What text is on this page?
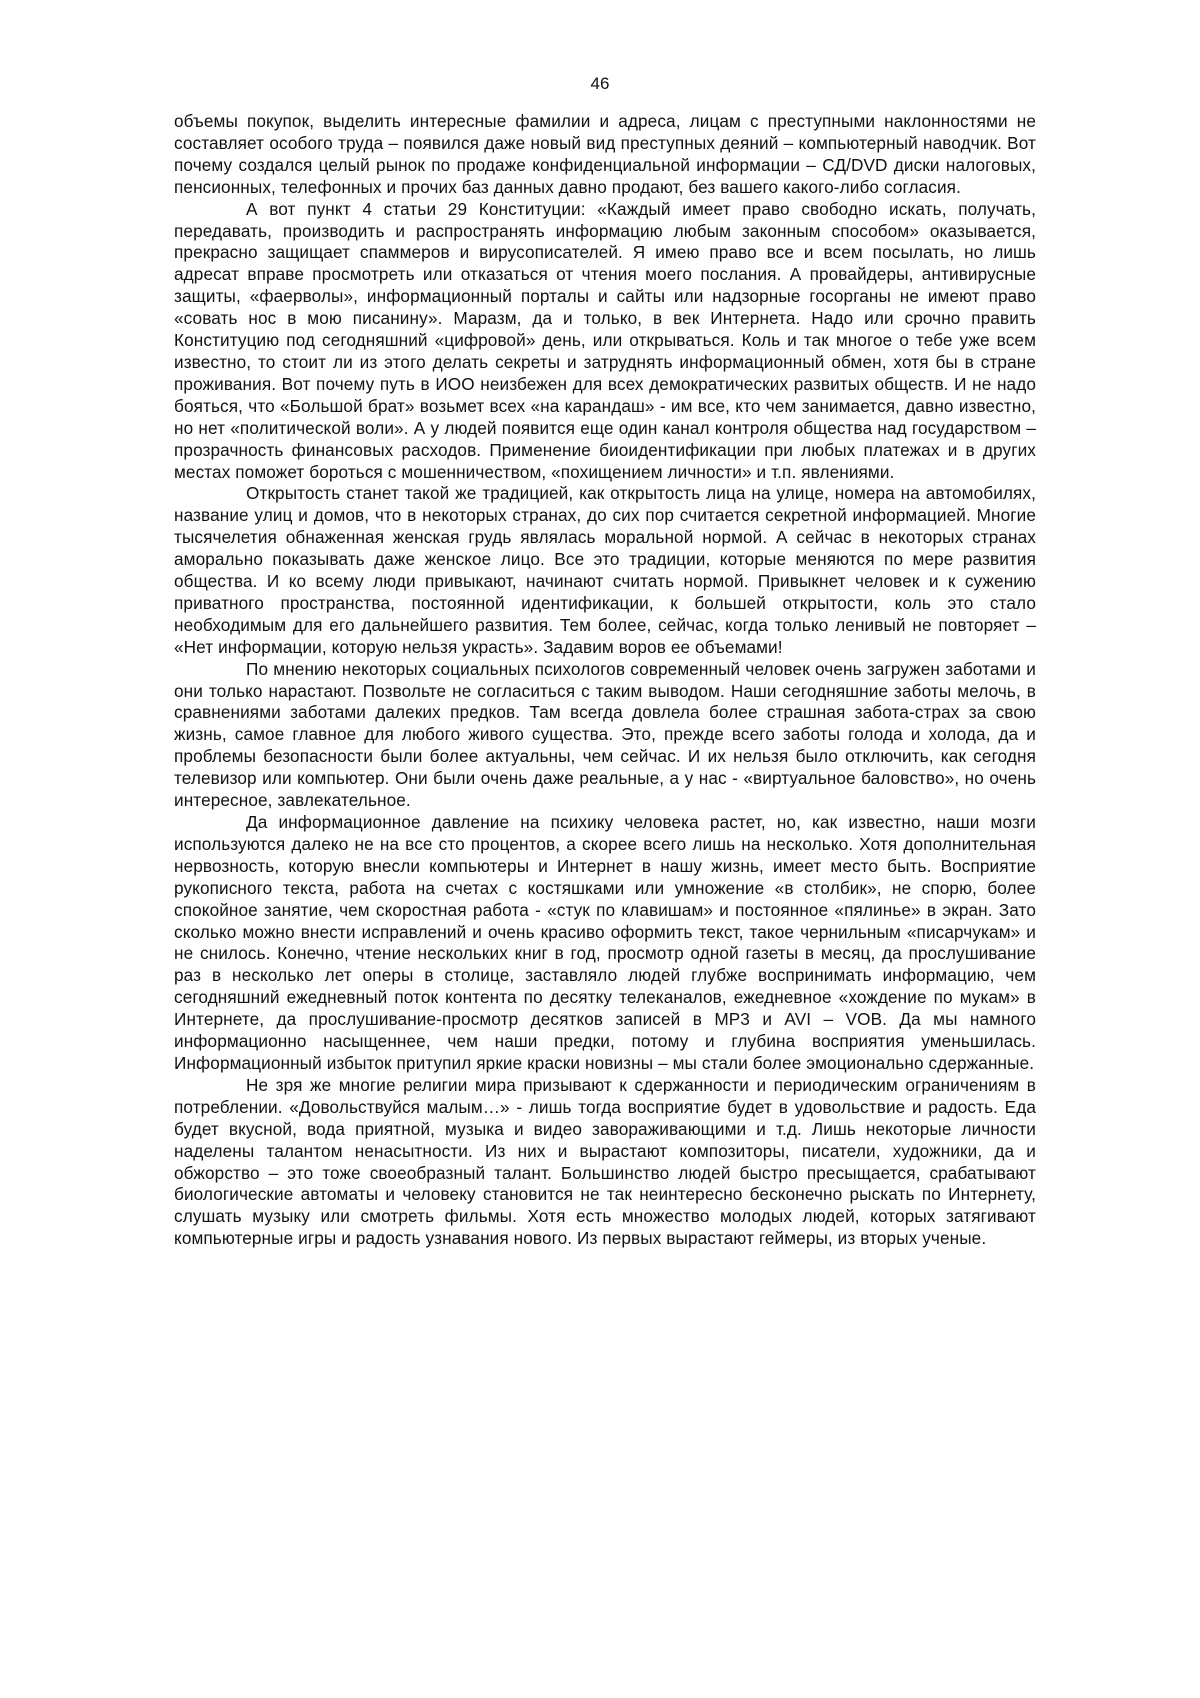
46

объемы покупок, выделить интересные фамилии и адреса, лицам с преступными наклонностями не составляет особого труда – появился даже новый вид преступных деяний – компьютерный наводчик. Вот почему создался целый рынок по продаже конфиденциальной информации – СД/DVD диски налоговых, пенсионных, телефонных и прочих баз данных давно продают, без вашего какого-либо согласия.

А вот пункт 4 статьи 29 Конституции: «Каждый имеет право свободно искать, получать, передавать, производить и распространять информацию любым законным способом» оказывается, прекрасно защищает спаммеров и вирусописателей. Я имею право все и всем посылать, но лишь адресат вправе просмотреть или отказаться от чтения моего послания. А провайдеры, антивирусные защиты, «фаерволы», информационный порталы и сайты или надзорные госорганы не имеют право «совать нос в мою писанину». Маразм, да и только, в век Интернета. Надо или срочно править Конституцию под сегодняшний «цифровой» день, или открываться. Коль и так многое о тебе уже всем известно, то стоит ли из этого делать секреты и затруднять информационный обмен, хотя бы в стране проживания. Вот почему путь в ИОО неизбежен для всех демократических развитых обществ. И не надо бояться, что «Большой брат» возьмет всех «на карандаш» - им все, кто чем занимается, давно известно, но нет «политической воли». А у людей появится еще один канал контроля общества над государством – прозрачность финансовых расходов. Применение биоидентификации при любых платежах и в других местах поможет бороться с мошенничеством, «похищением личности» и т.п. явлениями.

Открытость станет такой же традицией, как открытость лица на улице, номера на автомобилях, название улиц и домов, что в некоторых странах, до сих пор считается секретной информацией. Многие тысячелетия обнаженная женская грудь являлась моральной нормой. А сейчас в некоторых странах аморально показывать даже женское лицо. Все это традиции, которые меняются по мере развития общества. И ко всему люди привыкают, начинают считать нормой. Привыкнет человек и к сужению приватного пространства, постоянной идентификации, к большей открытости, коль это стало необходимым для его дальнейшего развития. Тем более, сейчас, когда только ленивый не повторяет – «Нет информации, которую нельзя украсть». Задавим воров ее объемами!

По мнению некоторых социальных психологов современный человек очень загружен заботами и они только нарастают. Позвольте не согласиться с таким выводом. Наши сегодняшние заботы мелочь, в сравнениями заботами далеких предков. Там всегда довлела более страшная забота-страх за свою жизнь, самое главное для любого живого существа. Это, прежде всего заботы голода и холода, да и проблемы безопасности были более актуальны, чем сейчас. И их нельзя было отключить, как сегодня телевизор или компьютер. Они были очень даже реальные, а у нас - «виртуальное баловство», но очень интересное, завлекательное.

Да информационное давление на психику человека растет, но, как известно, наши мозги используются далеко не на все сто процентов, а скорее всего лишь на несколько. Хотя дополнительная нервозность, которую внесли компьютеры и Интернет в нашу жизнь, имеет место быть. Восприятие рукописного текста, работа на счетах с костяшками или умножение «в столбик», не спорю, более спокойное занятие, чем скоростная работа - «стук по клавишам» и постоянное «пялинье» в экран. Зато сколько можно внести исправлений и очень красиво оформить текст, такое чернильным «писарчукам» и не снилось. Конечно, чтение нескольких книг в год, просмотр одной газеты в месяц, да прослушивание раз в несколько лет оперы в столице, заставляло людей глубже воспринимать информацию, чем сегодняшний ежедневный поток контента по десятку телеканалов, ежедневное «хождение по мукам» в Интернете, да прослушивание-просмотр десятков записей в МР3 и AVI – VOB. Да мы намного информационно насыщеннее, чем наши предки, потому и глубина восприятия уменьшилась. Информационный избыток притупил яркие краски новизны – мы стали более эмоционально сдержанные.

Не зря же многие религии мира призывают к сдержанности и периодическим ограничениям в потреблении. «Довольствуйся малым…» - лишь тогда восприятие будет в удовольствие и радость. Еда будет вкусной, вода приятной, музыка и видео завораживающими и т.д. Лишь некоторые личности наделены талантом ненасытности. Из них и вырастают композиторы, писатели, художники, да и обжорство – это тоже своеобразный талант. Большинство людей быстро пресыщается, срабатывают биологические автоматы и человеку становится не так неинтересно бесконечно рыскать по Интернету, слушать музыку или смотреть фильмы. Хотя есть множество молодых людей, которых затягивают компьютерные игры и радость узнавания нового. Из первых вырастают геймеры, из вторых ученые.
